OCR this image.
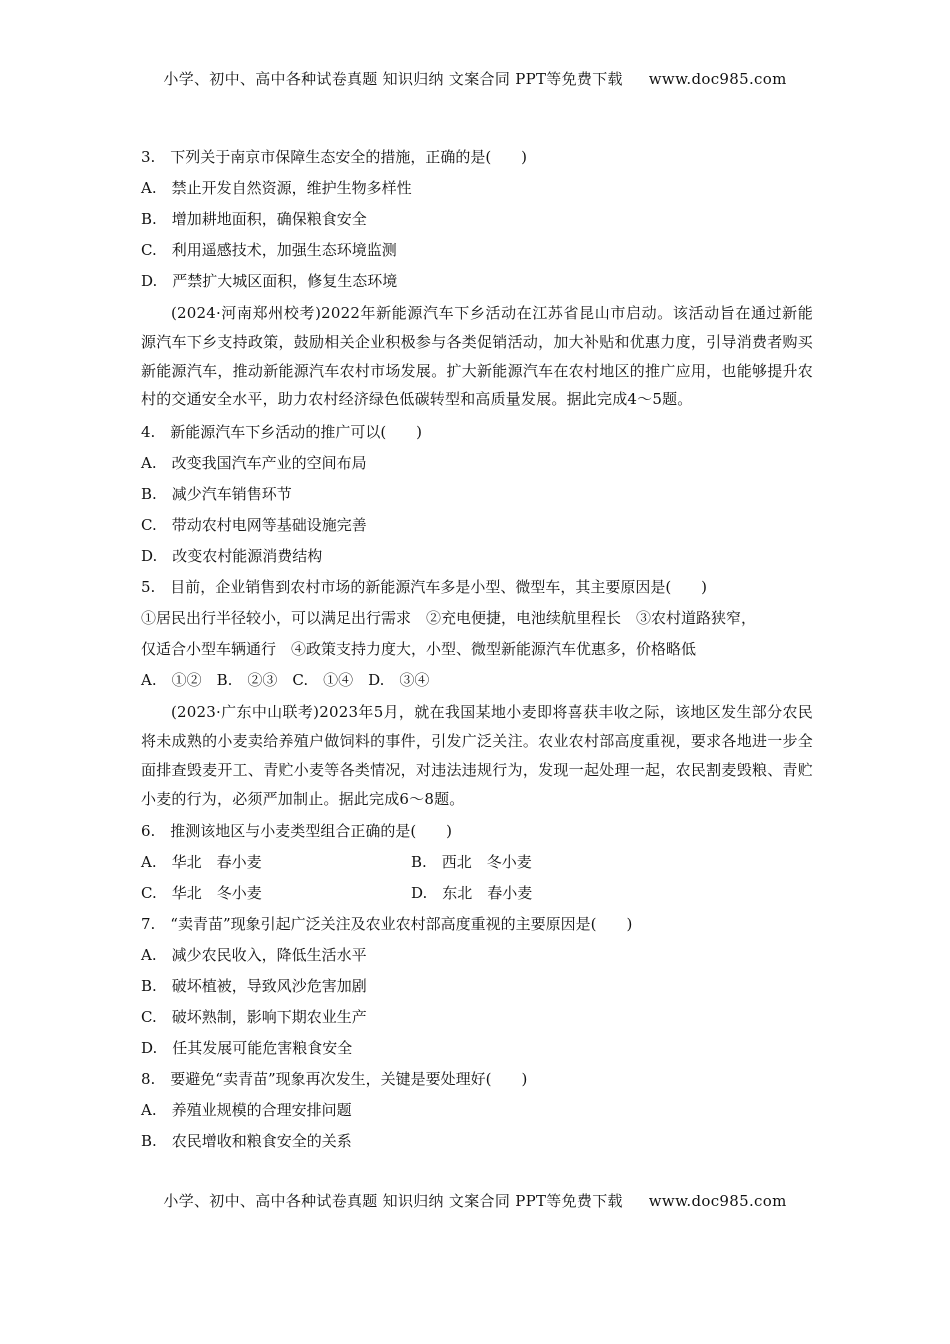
小学、初中、高中各种试卷真题 知识归纳 文案合同 PPT等免费下载 www.doc985.com
3.　下列关于南京市保障生态安全的措施，正确的是(　　)
A.　禁止开发自然资源，维护生物多样性
B.　增加耕地面积，确保粮食安全
C.　利用遥感技术，加强生态环境监测
D.　严禁扩大城区面积，修复生态环境
(2024·河南郑州校考)2022年新能源汽车下乡活动在江苏省昆山市启动。该活动旨在通过新能源汽车下乡支持政策，鼓励相关企业积极参与各类促销活动，加大补贴和优惠力度，引导消费者购买新能源汽车，推动新能源汽车农村市场发展。扩大新能源汽车在农村地区的推广应用，也能够提升农村的交通安全水平，助力农村经济绿色低碳转型和高质量发展。据此完成4～5题。
4.　新能源汽车下乡活动的推广可以(　　)
A.　改变我国汽车产业的空间布局
B.　减少汽车销售环节
C.　带动农村电网等基础设施完善
D.　改变农村能源消费结构
5.　目前，企业销售到农村市场的新能源汽车多是小型、微型车，其主要原因是(　　)
①居民出行半径较小，可以满足出行需求　②充电便捷，电池续航里程长　③农村道路狭窄，
仅适合小型车辆通行　④政策支持力度大，小型、微型新能源汽车优惠多，价格略低
A.　①②　B.　②③　C.　①④　D.　③④
(2023·广东中山联考)2023年5月，就在我国某地小麦即将喜获丰收之际，该地区发生部分农民将未成熟的小麦卖给养殖户做饲料的事件，引发广泛关注。农业农村部高度重视，要求各地进一步全面排查毁麦开工、青贮小麦等各类情况，对违法违规行为，发现一起处理一起，农民割麦毁粮、青贮小麦的行为，必须严加制止。据此完成6～8题。
6.　推测该地区与小麦类型组合正确的是(　　)
A.　华北　春小麦	B.　西北　冬小麦
C.　华北　冬小麦	D.　东北　春小麦
7.　“卖青苗”现象引起广泛关注及农业农村部高度重视的主要原因是(　　)
A.　减少农民收入，降低生活水平
B.　破坏植被，导致风沙危害加剧
C.　破坏熟制，影响下期农业生产
D.　任其发展可能危害粮食安全
8.　要避免“卖青苗”现象再次发生，关键是要处理好(　　)
A.　养殖业规模的合理安排问题
B.　农民增收和粮食安全的关系
小学、初中、高中各种试卷真题 知识归纳 文案合同 PPT等免费下载 www.doc985.com
